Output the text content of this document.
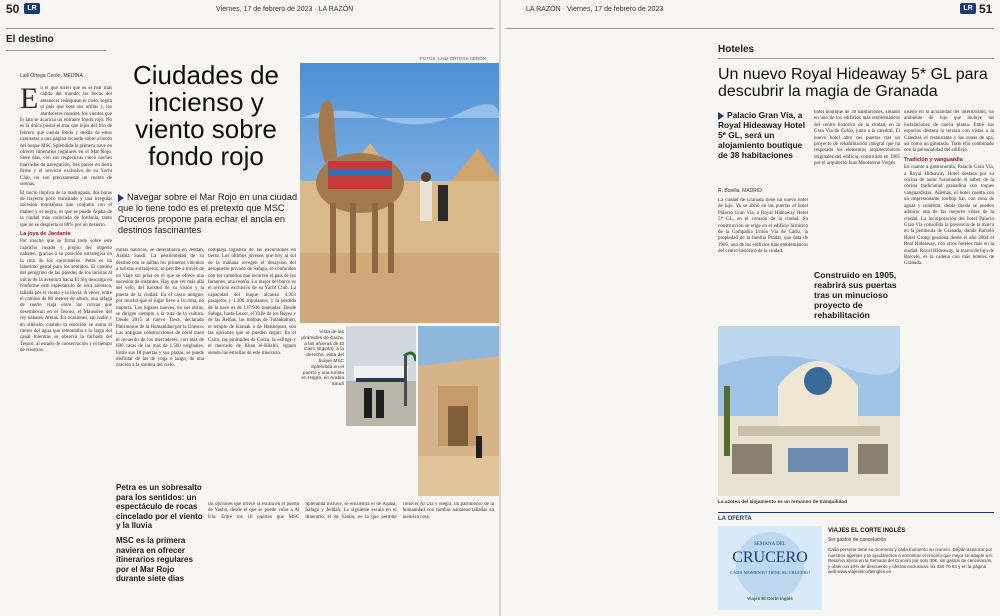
50	LR	Viernes, 17 de febrero de 2023 · LA RAZÓN
El destino
Laili Ortega Cerón. MEDINA
FOTOS: LAILI ORTEGA CERÓN
Ciudades de incienso y viento sobre fondo rojo
Navegar sobre el Mar Rojo en una ciudad que lo tiene todo es el pretexto que MSC Cruceros propone para echar el ancla en destinos fascinantes

En el que dicen que es el mar más cálido del mundo, las bocas del amanecer redoquean el cielo, según el país que bese sus orillas y, los atardeceres rosados, los vientos que lo lata se acaricia un entrante fondo rojo. No es la única postal el mar que lejos del frío de febrero que cuenta fondo y media de estos camisetas a una página tocando sobre a bordo del buque MSC Splendida la primera nave en ofrecer itinerarios regulares en el Mar Rojo. Siete días, con sus respectivas cinco noches marcadas de navegación, tres países en tierra firme y el servicio exclusivo de su Yacht Club, no son precisamente un cuento de sirenas.

El inicio implica de la madrugada, dos horas de trayecto poco transitado y una irregular sucesión montañosa que conjunta con el malteo y el negro, es que se puede Aqaba de la ciudad más codiciada de Jordania, tanto que no se despierta el 80% por un desierto.

La joya de Jordania

Por mucho que se firma todo sobre este capricho rosado y propio del imperio nabateo, gracias a su posición estratégica en la ruta de los caravaneros. Petra es un laberinto gestal para los sentidos. El camino del peregrino de las paredes de los turistas al inicio de la aventura hacia El Siq descarga en conforme este espectáculo de roca arenisca, tallada por el viento y la lluvia. A veces, entre el camino de 80 metros de altura, una ráfaga de suerte viaja entre las curvas que desembocan en el Tesoro, el Mausoleo del rey nabateo Aretas. En ocasiones, sin nadie y en silencio, cuando la emoción se suma al rumor del agua que remontaba a lo largo del canal mientras se observa la fachada del Tesoro, al estado de conservación y el tiempo de nosotros.

millas náuticas, se desembarca en Jeddah, Arabia Saudí. La pestilentidad de su destino con se aúllan los primeros vínculos a turistas extranjeros, se percibe a través de un viaje sin prisa en el que se ofrece una sucesión de instantes. Hay que ver más allá del velo, del turismo de su visión y la puerta de la ciudad. En el casco antiguo, por mucho que el lugar lleve a la cima, no importa. Los lugares nuevos, en sus obras, se dirigen siempre a la ruta de la cultura. Desde 2015 al nuevo Tawa, declarado Patrimonio de la Humanidad por la Unesco. Las antiguas construcciones de coral traen el recuerdo de los mercaderes, con más de 600 casas de las más de 1.500 originales. Entre sus 18 puertas y sus plazas, se puede disfrutar de las de yoga o tango, de una oración a la sombra del cielo.

compleja logística de las excursiones en tierra. Los últimos jóvenes que hoy al sol de la mañana recogen el desayuno del aeropuerto privado de Safaga, se confunden con los camellos que recorren el país de los faraones, una reseña. Lo mejor del barco es el servicio exclusivo de su Yacht Club. La capacidad del buque alcanza 4.363 pasajeros y 1.300 tripulantes, y la pérdida de la nave es de 137.936 toneladas. Desde Safaga, hasta Luxor, el Valle de los Reyes y de las Reinas, las tumbas de Tutankamón, el templo de Karnak o de Hatshepsut, son las opciones que se pueden seguir. En el Cairo, las pirámides de Guiza, la esfinge y el mercado de Khan el-Khalili, siguen siendo las estrellas de este itinerario.

Petra es un sobresalto para los sentidos: un espectáculo de rocas cincelado por el viento y la lluvia
MSC es la primera naviera en ofrecer itinerarios regulares por el Mar Rojo durante siete días

las opciones que ofrece la escala en el puerto de Yanbu, desde el que se puede volar a Al Ula. Entre los 18 puertos que MSC Splendida incluye, se encuentra el de Aqaba, Safaga y Jeddah. La siguiente escala en el itinerario, el de Yanbu, es la que permite conocer Al Ula y Hegra, un patrimonio de la humanidad con tumbas nabateas talladas en arenisca rosa.

Vista de las pirámides de Guiza, a las afueras de El Cairo (Egipto). A la derecha, vista del buque MSC Splendida en el puerto y una turista en Hegra, en Arabia Saudí
LA RAZÓN · Viernes, 17 de febrero de 2023	LR 51
Hoteles
Un nuevo Royal Hideaway 5* GL para descubrir la magia de Granada
Palacio Gran Vía, a Royal Hideaway Hotel 5* GL, será un alojamiento boutique de 38 habitaciones
R. Bonilla. MADRID

La ciudad de Granada tiene un nuevo hotel de lujo. Ya se abrió en las puertas el hotel Palacio Gran Vía, a Royal Hideaway Hotel 5* GL, en el corazón de la ciudad. Su construcción se erige en el edificio histórico de la Compañía Unión Vía de Cádiz, la propiedad de la familia Pradal, que data de 1905, uno de los edificios más emblemáticos del centro histórico de la ciudad.

hotel boutique de 38 habitaciones, situado en uno de los edificios más emblemáticos del centro histórico de la ciudad, en la Gran Vía de Colón, junto a la catedral. El nuevo hotel abre sus puertas tras un proyecto de rehabilitación integral que ha respetado los elementos arquitectónicos originales del edificio, construido en 1905 por el arquitecto Juan Montserrat Vergés.

Construido en 1905, reabrirá sus puertas tras un minucioso proyecto de rehabilitación

diseñó en la actualidad del interiorismo, un ambiente de lujo que incluye las instalaciones de nueva planta. Entre sus espacios destaca la terraza con vistas a la Catedral, el restaurante y las zonas de spa, así como un gimnasio. Todo ello combinado con la personalidad del edificio.

Tradición y vanguardia

En cuanto a gastronomía, Palacio Gran Vía, a Royal Hideaway Hotel destaca por su cocina de autor fusionando el sabor de la cocina tradicional granadina con toques vanguardistas. Además, el hotel cuenta con un impresionante rooftop bar, con zona de aguas y solárium, desde donde se pueden admirar una de las mejores vistas de la ciudad. La incorporación del hotel Palacio Gran Vía consolida la presencia de la marca en la península de Granada, donde Barceló Hotel Group gestiona desde el año 2004 el Real Hideaway, con otros hoteles más en la ciudad. Royal Hideaway, la marca de lujo de Barceló, es la cadena con más hoteles de Granada.

La azotea del alojamiento es un remanso de tranquilidad
LA OFERTA
SEMANA DEL
CRUCERO
CADA MOMENTO TIENE SU CRUCERO
Viajes El Corte Inglés
VIAJES EL CORTE INGLÉS
Sin gastos de cancelación
Cada persona tiene su momento y cada momento su crucero. Déjate asesorar por nuestros agentes y te ayudaremos a encontrar el crucero que mejor se adapte a ti. Reserva ahora en la Semana del Crucero por solo 30€, sin gastos de cancelación, y obtén un 10% de descuento y ofertas exclusivas. 91 330 70 63 y en la página web www.viajeselcorteingles.es
